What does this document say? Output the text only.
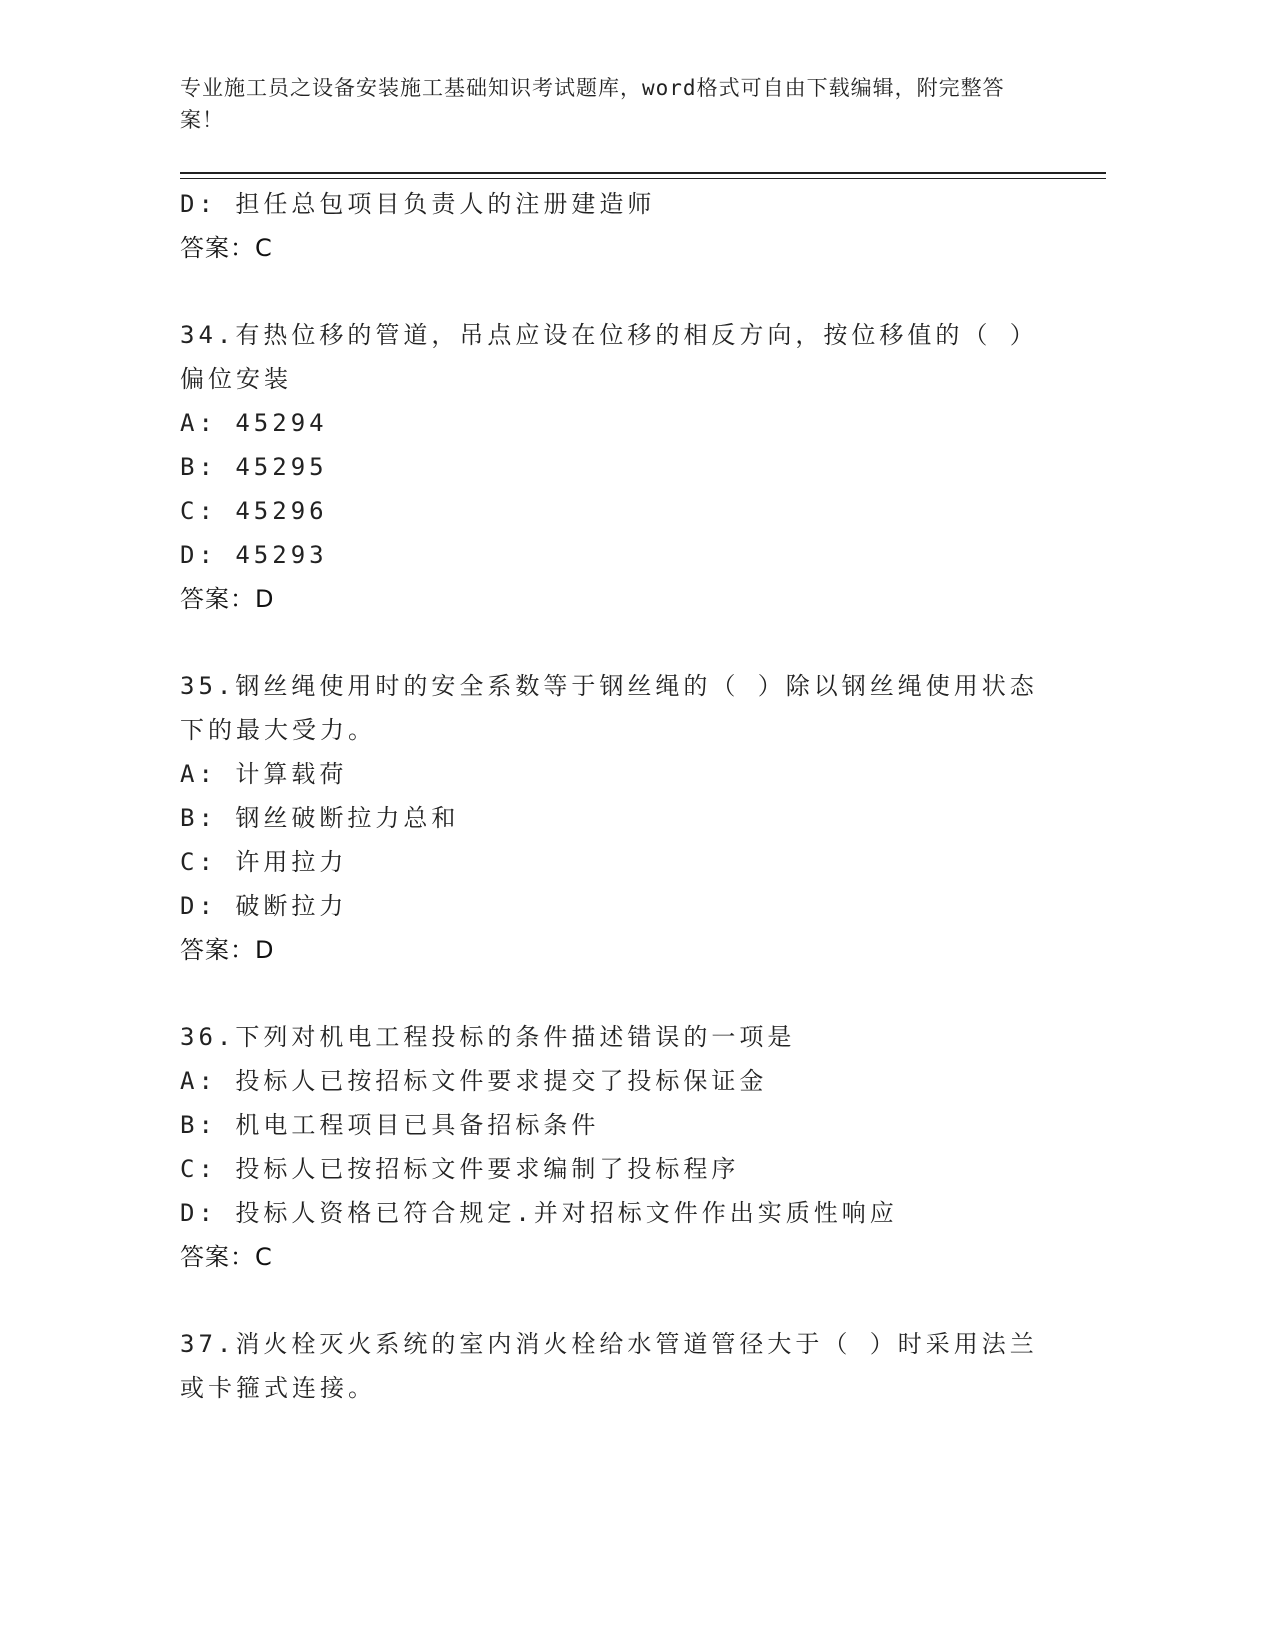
专业施工员之设备安装施工基础知识考试题库，word格式可自由下载编辑，附完整答案！
D: 担任总包项目负责人的注册建造师
答案：C
34.有热位移的管道，吊点应设在位移的相反方向，按位移值的（ ）
偏位安装
A: 45294
B: 45295
C: 45296
D: 45293
答案：D
35.钢丝绳使用时的安全系数等于钢丝绳的（ ）除以钢丝绳使用状态
下的最大受力。
A: 计算载荷
B: 钢丝破断拉力总和
C: 许用拉力
D: 破断拉力
答案：D
36.下列对机电工程投标的条件描述错误的一项是
A: 投标人已按招标文件要求提交了投标保证金
B: 机电工程项目已具备招标条件
C: 投标人已按招标文件要求编制了投标程序
D: 投标人资格已符合规定.并对招标文件作出实质性响应
答案：C
37.消火栓灭火系统的室内消火栓给水管道管径大于（ ）时采用法兰
或卡箍式连接。
